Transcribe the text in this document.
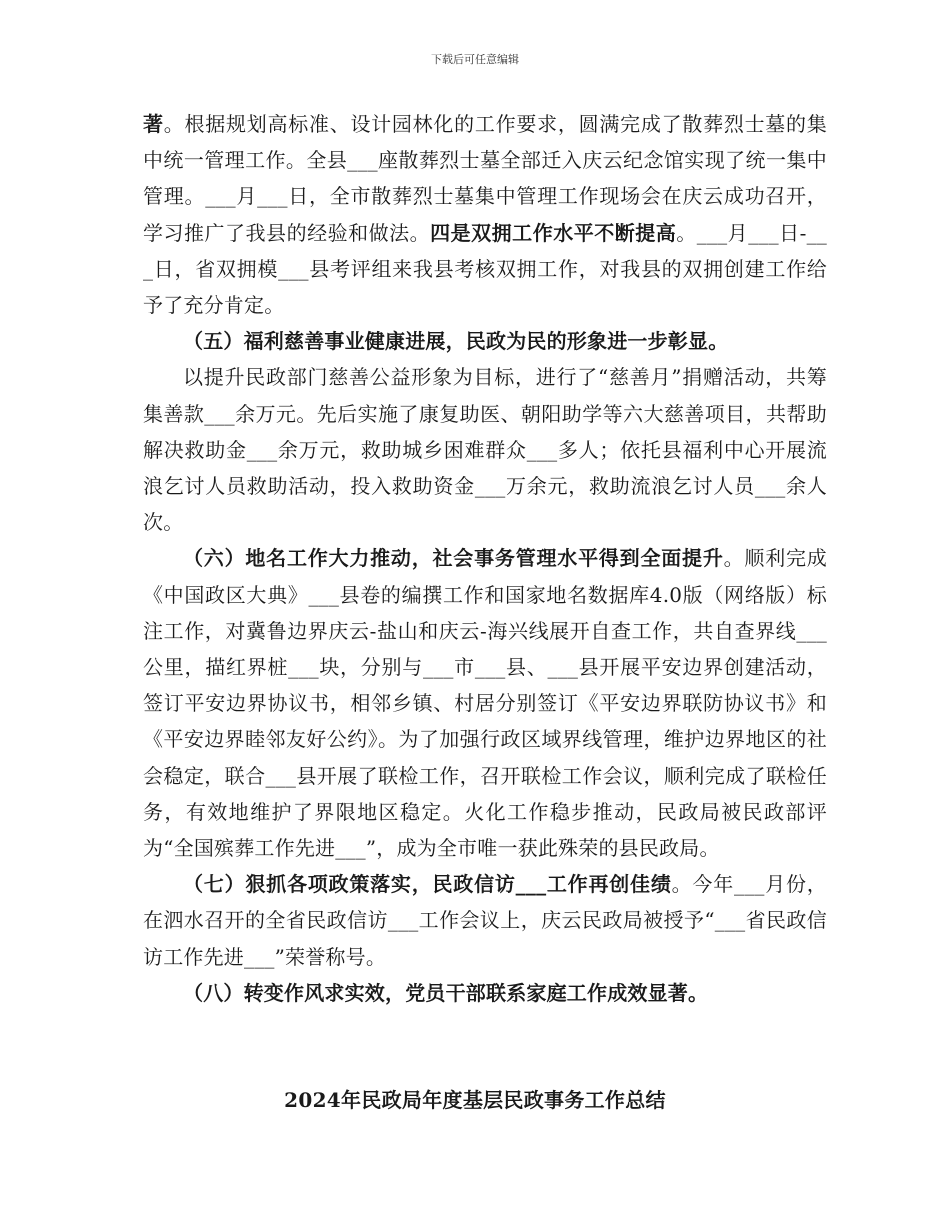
下载后可任意编辑

著。根据规划高标准、设计园林化的工作要求，圆满完成了散葬烈士墓的集中统一管理工作。全县___座散葬烈士墓全部迁入庆云纪念馆实现了统一集中管理。___月___日，全市散葬烈士墓集中管理工作现场会在庆云成功召开，学习推广了我县的经验和做法。四是双拥工作水平不断提高。___月___日-___日，省双拥模___县考评组来我县考核双拥工作，对我县的双拥创建工作给予了充分肯定。

（五）福利慈善事业健康进展，民政为民的形象进一步彰显。

以提升民政部门慈善公益形象为目标，进行了“慈善月”捐赠活动，共筹集善款___余万元。先后实施了康复助医、朝阳助学等六大慈善项目，共帮助解决救助金___余万元，救助城乡困难群众___多人；依托县福利中心开展流浪乞讨人员救助活动，投入救助资金___万余元，救助流浪乞讨人员___余人次。

（六）地名工作大力推动，社会事务管理水平得到全面提升。顺利完成《中国政区大典》___县卷的编撰工作和国家地名数据库4.0版（网络版）标注工作，对冀鲁边界庆云-盐山和庆云-海兴线展开自查工作，共自查界线___公里，描红界桩___块，分别与___市___县、___县开展平安边界创建活动，签订平安边界协议书，相邻乡镇、村居分别签订《平安边界联防协议书》和《平安边界睦邻友好公约》。为了加强行政区域界线管理，维护边界地区的社会稳定，联合___县开展了联检工作，召开联检工作会议，顺利完成了联检任务，有效地维护了界限地区稳定。火化工作稳步推动，民政局被民政部评为“全国殡葬工作先进___”，成为全市唯一获此殊荣的县民政局。

（七）狠抓各项政策落实，民政信访___工作再创佳绩。今年___月份，在泗水召开的全省民政信访___工作会议上，庆云民政局被授予“___省民政信访工作先进___”荣誉称号。

（八）转变作风求实效，党员干部联系家庭工作成效显著。

2024年民政局年度基层民政事务工作总结
